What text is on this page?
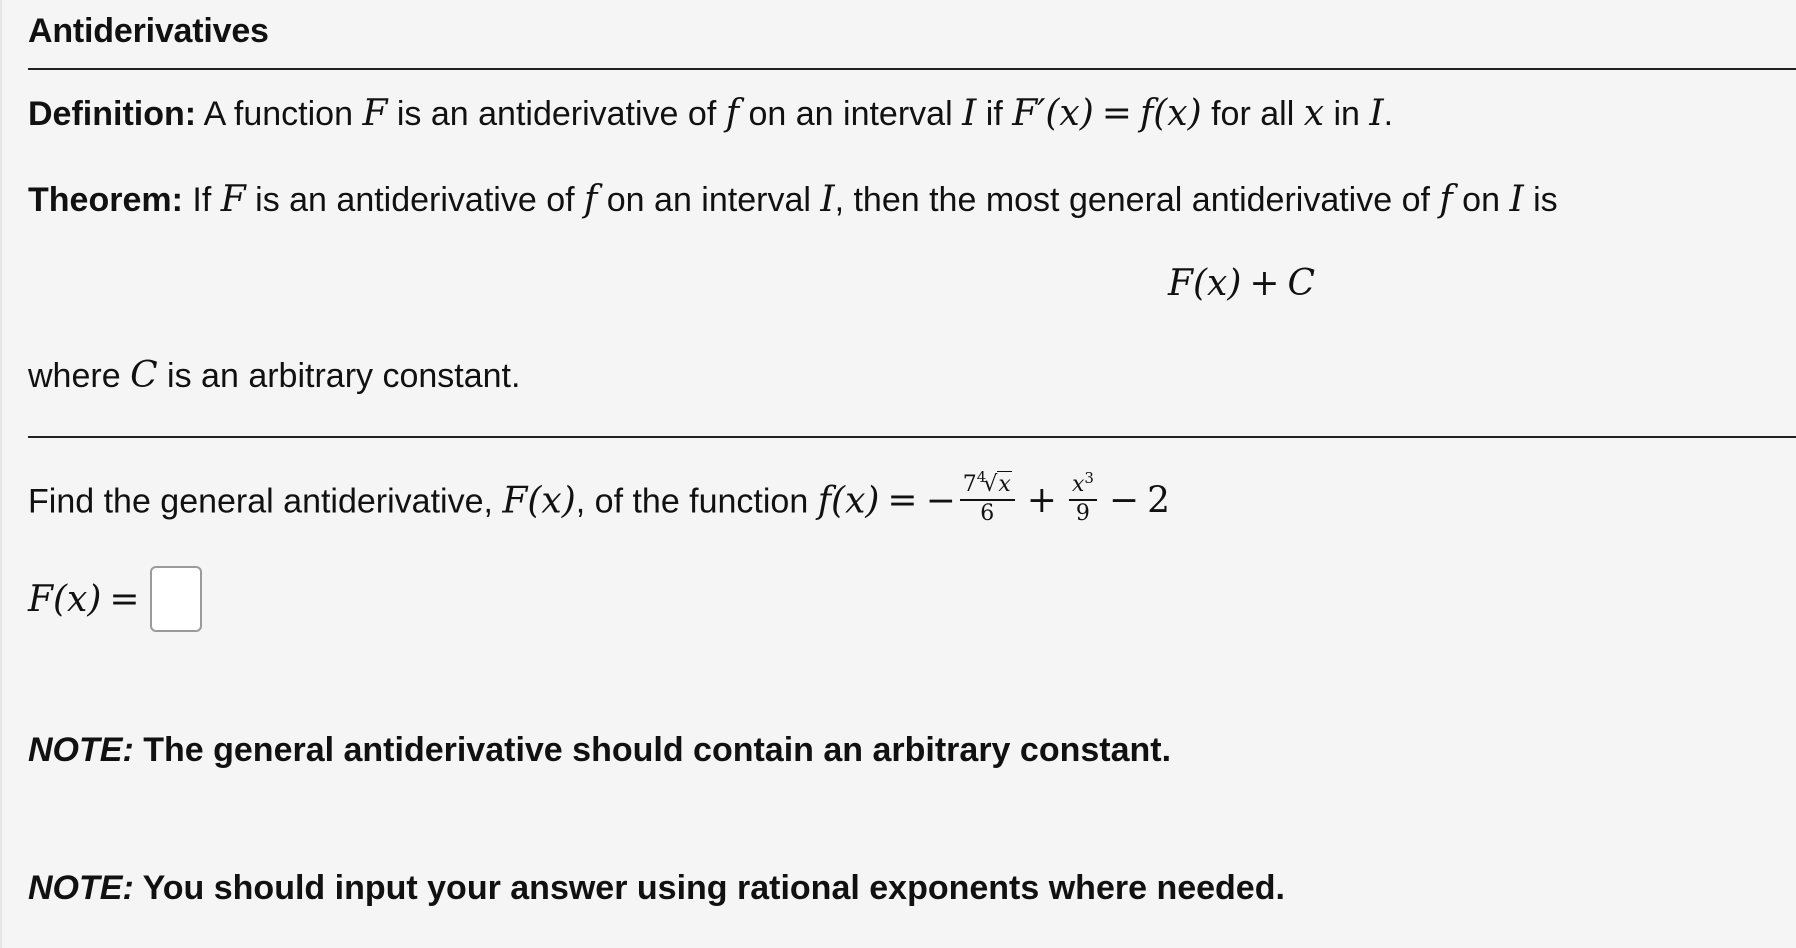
Antiderivatives
Definition: A function F is an antiderivative of f on an interval I if F′(x) = f(x) for all x in I.
Theorem: If F is an antiderivative of f on an interval I, then the most general antiderivative of f on I is
F(x) + C
where C is an arbitrary constant.
Find the general antiderivative, F(x), of the function f(x) = − $\frac{7^4√x}{6} + \frac{x^3}{9} - 2$
F(x) =
NOTE: The general antiderivative should contain an arbitrary constant.
NOTE: You should input your answer using rational exponents where needed.
